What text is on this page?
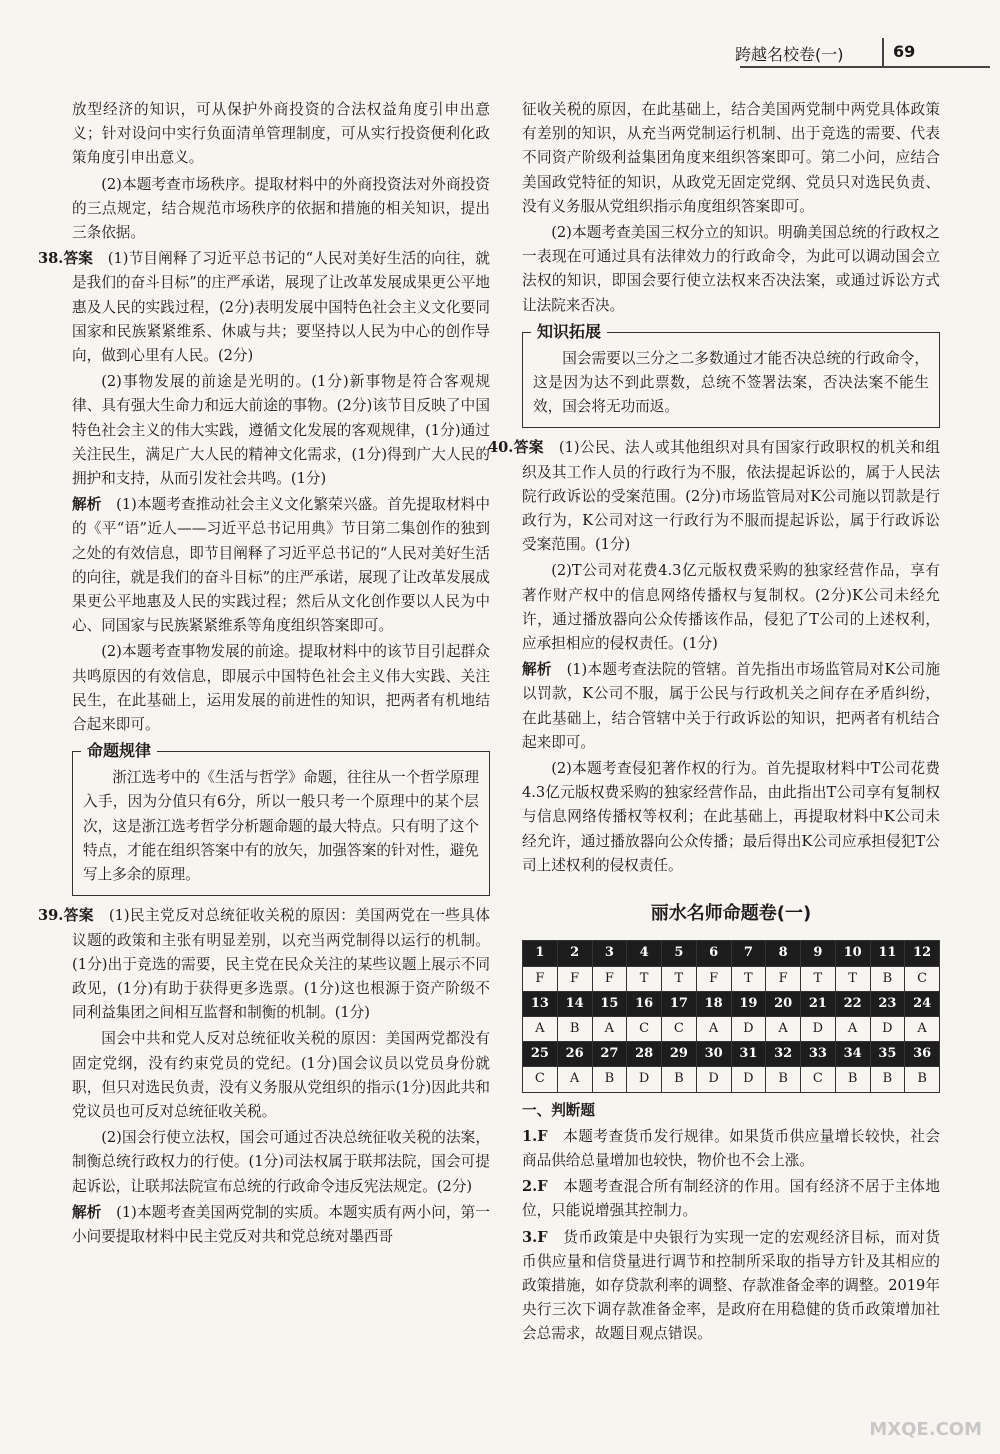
跨越名校卷(一)	69

放型经济的知识，可从保护外商投资的合法权益角度引申出意义；针对设问中实行负面清单管理制度，可从实行投资便利化政策角度引申出意义。

(2)本题考查市场秩序。提取材料中的外商投资法对外商投资的三点规定，结合规范市场秩序的依据和措施的相关知识，提出三条依据。

38.答案　 (1)节目阐释了习近平总书记的“人民对美好生活的向往，就是我们的奋斗目标”的庄严承诺，展现了让改革发展成果更公平地惠及人民的实践过程，(2分)表明发展中国特色社会主义文化要同国家和民族紧紧维系、休戚与共；要坚持以人民为中心的创作导向，做到心里有人民。(2分)

(2)事物发展的前途是光明的。(1分)新事物是符合客观规律、具有强大生命力和远大前途的事物。(2分)该节目反映了中国特色社会主义的伟大实践，遵循文化发展的客观规律，(1分)通过关注民生，满足广大人民的精神文化需求，(1分)得到广大人民的拥护和支持，从而引发社会共鸣。(1分)

解析　 (1)本题考查推动社会主义文化繁荣兴盛。首先提取材料中的《平“语”近人——习近平总书记用典》节目第二集创作的独到之处的有效信息，即节目阐释了习近平总书记的“人民对美好生活的向往，就是我们的奋斗目标”的庄严承诺，展现了让改革发展成果更公平地惠及人民的实践过程；然后从文化创作要以人民为中心、同国家与民族紧紧维系等角度组织答案即可。

(2)本题考查事物发展的前途。提取材料中的该节目引起群众共鸣原因的有效信息，即展示中国特色社会主义伟大实践、关注民生，在此基础上，运用发展的前进性的知识，把两者有机地结合起来即可。

命题规律

浙江选考中的《生活与哲学》命题，往往从一个哲学原理入手，因为分值只有6分，所以一般只考一个原理中的某个层次，这是浙江选考哲学分析题命题的最大特点。只有明了这个特点，才能在组织答案中有的放矢，加强答案的针对性，避免写上多余的原理。

39.答案　 (1)民主党反对总统征收关税的原因：美国两党在一些具体议题的政策和主张有明显差别，以充当两党制得以运行的机制。(1分)出于竞选的需要，民主党在民众关注的某些议题上展示不同政见，(1分)有助于获得更多选票。(1分)这也根源于资产阶级不同利益集团之间相互监督和制衡的机制。(1分)

国会中共和党人反对总统征收关税的原因：美国两党都没有固定党纲，没有约束党员的党纪。(1分)国会议员以党员身份就职，但只对选民负责，没有义务服从党组织的指示(1分)因此共和党议员也可反对总统征收关税。

(2)国会行使立法权，国会可通过否决总统征收关税的法案，制衡总统行政权力的行使。(1分)司法权属于联邦法院，国会可提起诉讼，让联邦法院宣布总统的行政命令违反宪法规定。(2分)

解析　 (1)本题考查美国两党制的实质。本题实质有两小问，第一小问要提取材料中民主党反对共和党总统对墨西哥

征收关税的原因，在此基础上，结合美国两党制中两党具体政策有差别的知识，从充当两党制运行机制、出于竞选的需要、代表不同资产阶级利益集团角度来组织答案即可。第二小问，应结合美国政党特征的知识，从政党无固定党纲、党员只对选民负责、没有义务服从党组织指示角度组织答案即可。

(2)本题考查美国三权分立的知识。明确美国总统的行政权之一表现在可通过具有法律效力的行政命令，为此可以调动国会立法权的知识，即国会要行使立法权来否决法案，或通过诉讼方式让法院来否决。

知识拓展

国会需要以三分之二多数通过才能否决总统的行政命令，这是因为达不到此票数，总统不签署法案，否决法案不能生效，国会将无功而返。

40.答案　 (1)公民、法人或其他组织对具有国家行政职权的机关和组织及其工作人员的行政行为不服，依法提起诉讼的，属于人民法院行政诉讼的受案范围。(2分)市场监管局对K公司施以罚款是行政行为，K公司对这一行政行为不服而提起诉讼，属于行政诉讼受案范围。(1分)

(2)T公司对花费4.3亿元版权费采购的独家经营作品，享有著作财产权中的信息网络传播权与复制权。(2分)K公司未经允许，通过播放器向公众传播该作品，侵犯了T公司的上述权利，应承担相应的侵权责任。(1分)

解析　 (1)本题考查法院的管辖。首先指出市场监管局对K公司施以罚款，K公司不服，属于公民与行政机关之间存在矛盾纠纷，在此基础上，结合管辖中关于行政诉讼的知识，把两者有机结合起来即可。

(2)本题考查侵犯著作权的行为。首先提取材料中T公司花费4.3亿元版权费采购的独家经营作品，由此指出T公司享有复制权与信息网络传播权等权利；在此基础上，再提取材料中K公司未经允许，通过播放器向公众传播；最后得出K公司应承担侵犯T公司上述权利的侵权责任。

丽水名师命题卷(一)
1	2	3	4	5	6	7	8	9	10	11	12
F	F	F	T	T	F	T	F	T	T	B	C
13	14	15	16	17	18	19	20	21	22	23	24
A	B	A	C	C	A	D	A	D	A	D	A
25	26	27	28	29	30	31	32	33	34	35	36
C	A	B	D	B	D	D	B	C	B	B	B

一、判断题

1.F　 本题考查货币发行规律。如果货币供应量增长较快，社会商品供给总量增加也较快，物价也不会上涨。

2.F　 本题考查混合所有制经济的作用。国有经济不居于主体地位，只能说增强其控制力。

3.F　 货币政策是中央银行为实现一定的宏观经济目标，而对货币供应量和信贷量进行调节和控制所采取的指导方针及其相应的政策措施，如存贷款利率的调整、存款准备金率的调整。2019年央行三次下调存款准备金率，是政府在用稳健的货币政策增加社会总需求，故题目观点错误。

MXQE.COM
